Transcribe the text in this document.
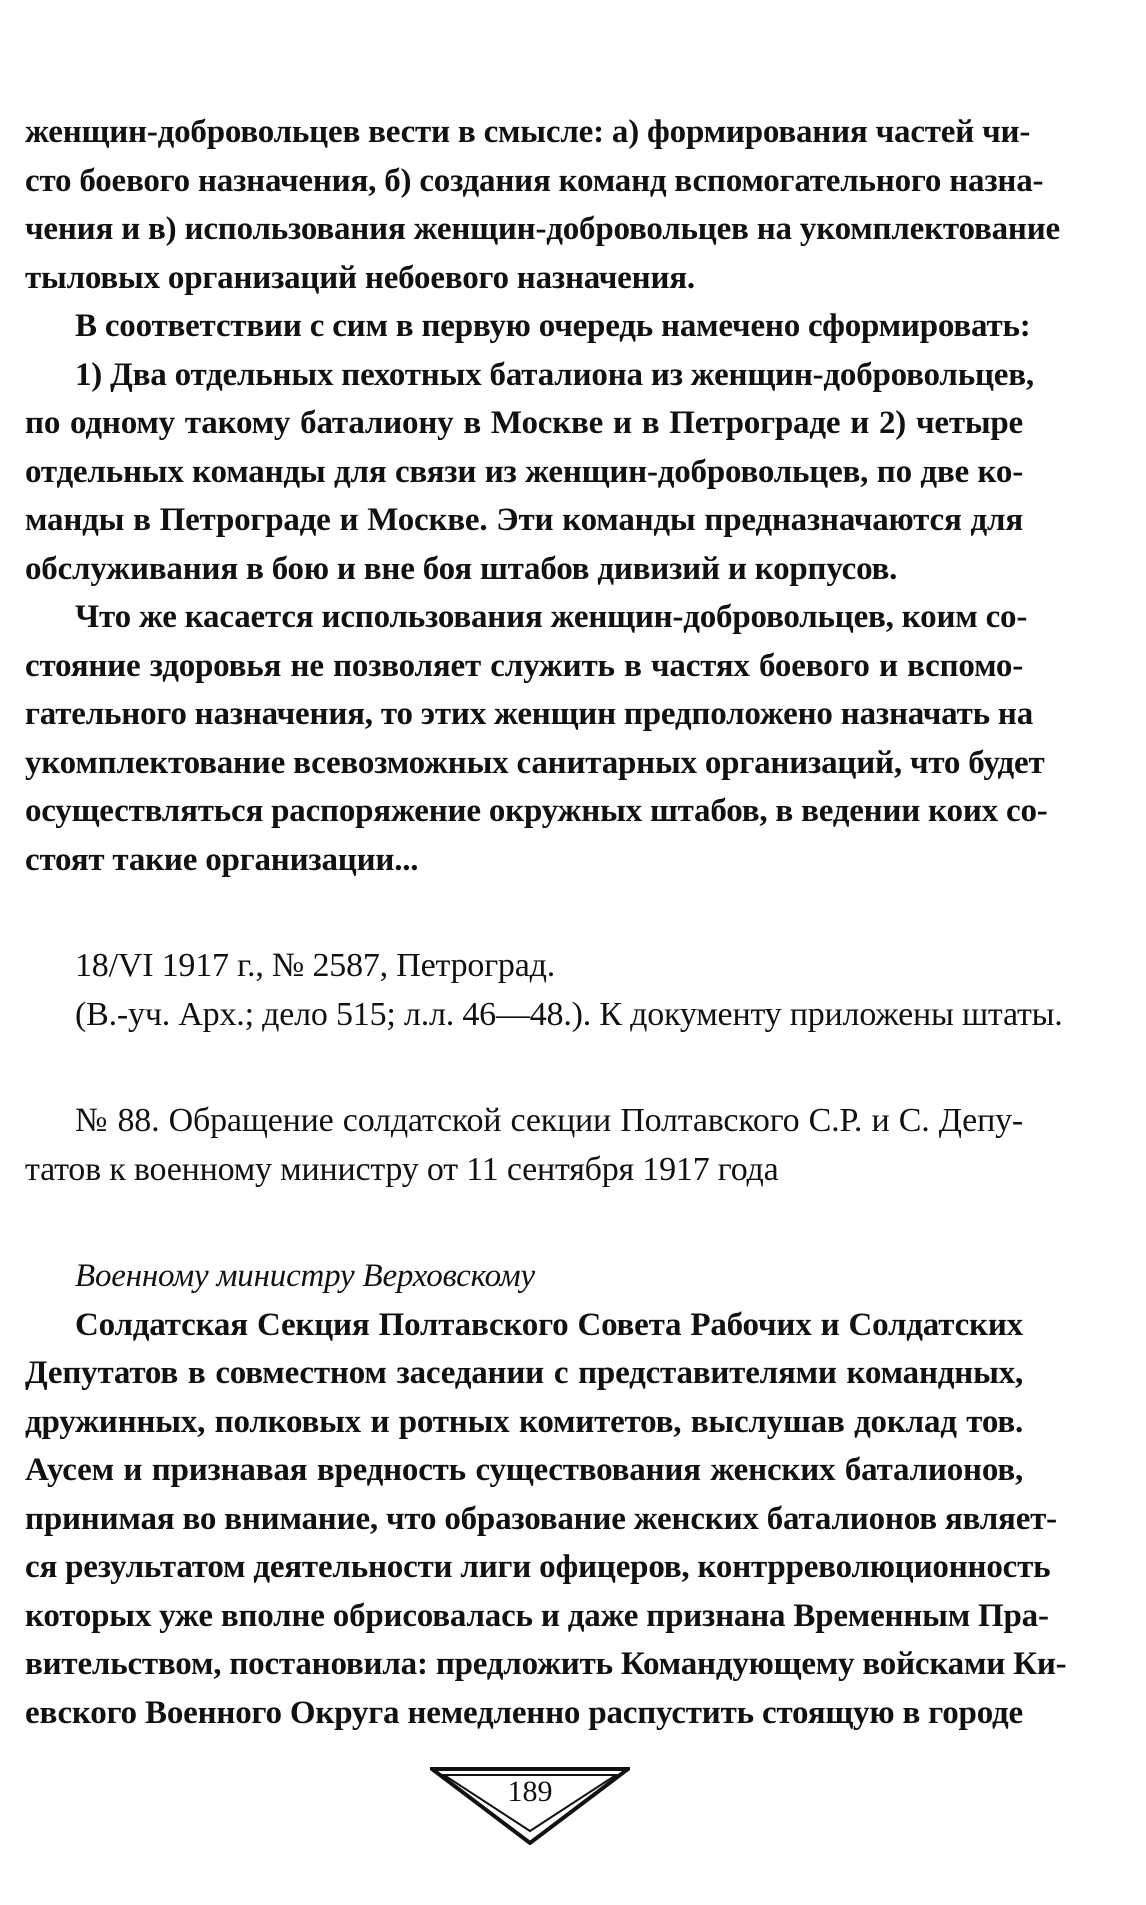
женщин-добровольцев вести в смысле: а) формирования частей чи-
сто боевого назначения, б) создания команд вспомогательного назна-
чения и в) использования женщин-добровольцев на укомплектование
тыловых организаций небоевого назначения.
В соответствии с сим в первую очередь намечено сформировать:
1) Два отдельных пехотных баталиона из женщин-добровольцев,
по одному такому баталиону в Москве и в Петрограде и 2) четыре
отдельных команды для связи из женщин-добровольцев, по две ко-
манды в Петрограде и Москве. Эти команды предназначаются для
обслуживания в бою и вне боя штабов дивизий и корпусов.
Что же касается использования женщин-добровольцев, коим со-
стояние здоровья не позволяет служить в частях боевого и вспомо-
гательного назначения, то этих женщин предположено назначать на
укомплектование всевозможных санитарных организаций, что будет
осуществляться распоряжение окружных штабов, в ведении коих со-
стоят такие организации...
18/VI 1917 г., № 2587, Петроград.
(В.-уч. Арх.; дело 515; л.л. 46—48.). К документу приложены штаты.
№ 88. Обращение солдатской секции Полтавского С.Р. и С. Депу-
татов к военному министру от 11 сентября 1917 года
Военному министру Верховскому
Солдатская Секция Полтавского Совета Рабочих и Солдатских
Депутатов в совместном заседании с представителями командных,
дружинных, полковых и ротных комитетов, выслушав доклад тов.
Аусем и признавая вредность существования женских баталионов,
принимая во внимание, что образование женских баталионов являет-
ся результатом деятельности лиги офицеров, контрреволюционность
которых уже вполне обрисовалась и даже признана Временным Пра-
вительством, постановила: предложить Командующему войсками Ки-
евского Военного Округа немедленно распустить стоящую в городе
189
